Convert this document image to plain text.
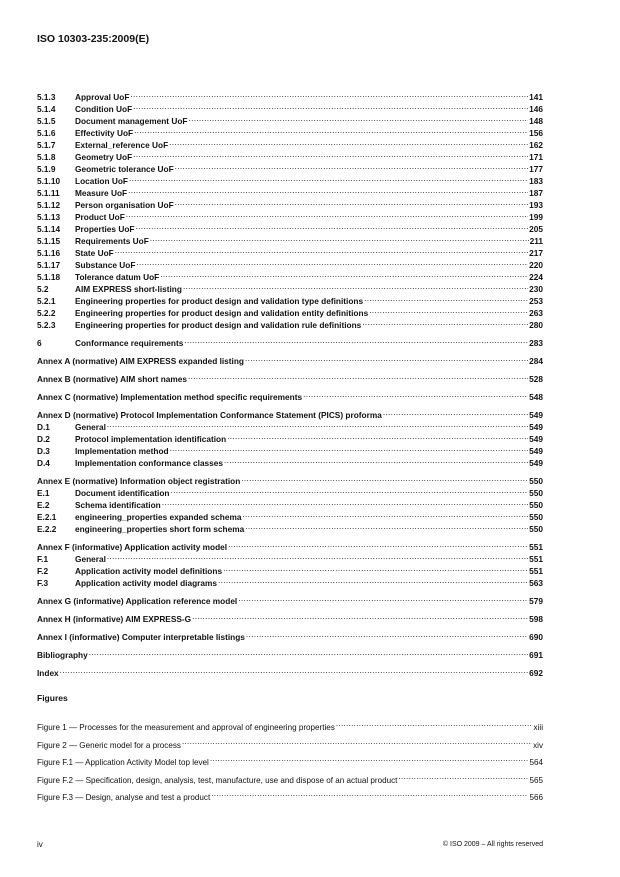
ISO 10303-235:2009(E)
5.1.3	Approval UoF .....	141
5.1.4	Condition UoF .....	146
5.1.5	Document management UoF .....	148
5.1.6	Effectivity UoF .....	156
5.1.7	External_reference UoF .....	162
5.1.8	Geometry UoF .....	171
5.1.9	Geometric tolerance UoF .....	177
5.1.10	Location UoF .....	183
5.1.11	Measure UoF .....	187
5.1.12	Person organisation UoF .....	193
5.1.13	Product UoF .....	199
5.1.14	Properties UoF .....	205
5.1.15	Requirements UoF .....	211
5.1.16	State UoF .....	217
5.1.17	Substance UoF .....	220
5.1.18	Tolerance datum UoF .....	224
5.2	AIM EXPRESS short-listing .....	230
5.2.1	Engineering properties for product design and validation type definitions .....	253
5.2.2	Engineering properties for product design and validation entity definitions .....	263
5.2.3	Engineering properties for product design and validation rule definitions .....	280
6	Conformance requirements .....	283
Annex A (normative) AIM EXPRESS expanded listing .....	284
Annex B (normative) AIM short names .....	528
Annex C (normative) Implementation method specific requirements .....	548
Annex D (normative) Protocol Implementation Conformance Statement (PICS) proforma .....	549
D.1	General .....	549
D.2	Protocol implementation identification .....	549
D.3	Implementation method .....	549
D.4	Implementation conformance classes .....	549
Annex E (normative) Information object registration .....	550
E.1	Document identification .....	550
E.2	Schema identification .....	550
E.2.1	engineering_properties expanded schema .....	550
E.2.2	engineering_properties short form schema .....	550
Annex F (informative) Application activity model .....	551
F.1	General .....	551
F.2	Application activity model definitions .....	551
F.3	Application activity model diagrams .....	563
Annex G (informative) Application reference model .....	579
Annex H (informative) AIM EXPRESS-G .....	598
Annex I (informative) Computer interpretable listings .....	690
Bibliography .....	691
Index .....	692
Figures
Figure 1 — Processes for the measurement and approval of engineering properties .....	xiii
Figure 2 — Generic model for a process .....	xiv
Figure F.1 — Application Activity Model top level .....	564
Figure F.2 — Specification, design, analysis, test, manufacture, use and dispose of an actual product .....	565
Figure F.3 — Design, analyse and test a product .....	566
iv	© ISO 2009 – All rights reserved
